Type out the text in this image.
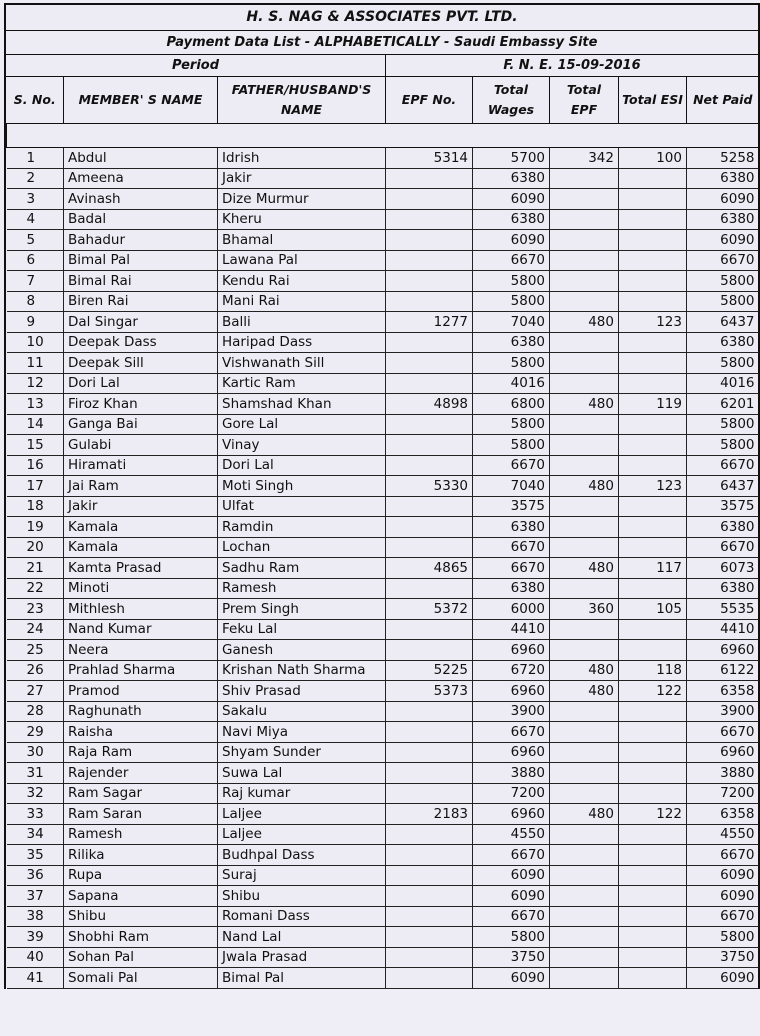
H. S. NAG & ASSOCIATES PVT. LTD.
Payment Data List - ALPHABETICALLY - Saudi Embassy Site
Period	F. N. E. 15-09-2016
S. No.	MEMBER' S NAME	FATHER/HUSBAND'S NAME	EPF No.	Total Wages	Total EPF	Total ESI	Net Paid

1	Abdul	Idrish	5314	5700	342	100	5258
2	Ameena	Jakir		6380			6380
3	Avinash	Dize Murmur		6090			6090
4	Badal	Kheru		6380			6380
5	Bahadur	Bhamal		6090			6090
6	Bimal Pal	Lawana Pal		6670			6670
7	Bimal Rai	Kendu Rai		5800			5800
8	Biren Rai	Mani Rai		5800			5800
9	Dal Singar	Balli	1277	7040	480	123	6437
10	Deepak Dass	Haripad Dass		6380			6380
11	Deepak Sill	Vishwanath Sill		5800			5800
12	Dori Lal	Kartic Ram		4016			4016
13	Firoz Khan	Shamshad Khan	4898	6800	480	119	6201
14	Ganga Bai	Gore Lal		5800			5800
15	Gulabi	Vinay		5800			5800
16	Hiramati	Dori Lal		6670			6670
17	Jai Ram	Moti Singh	5330	7040	480	123	6437
18	Jakir	Ulfat		3575			3575
19	Kamala	Ramdin		6380			6380
20	Kamala	Lochan		6670			6670
21	Kamta Prasad	Sadhu Ram	4865	6670	480	117	6073
22	Minoti	Ramesh		6380			6380
23	Mithlesh	Prem Singh	5372	6000	360	105	5535
24	Nand Kumar	Feku Lal		4410			4410
25	Neera	Ganesh		6960			6960
26	Prahlad Sharma	Krishan Nath Sharma	5225	6720	480	118	6122
27	Pramod	Shiv Prasad	5373	6960	480	122	6358
28	Raghunath	Sakalu		3900			3900
29	Raisha	Navi Miya		6670			6670
30	Raja Ram	Shyam Sunder		6960			6960
31	Rajender	Suwa Lal		3880			3880
32	Ram Sagar	Raj kumar		7200			7200
33	Ram Saran	Laljee	2183	6960	480	122	6358
34	Ramesh	Laljee		4550			4550
35	Rilika	Budhpal Dass		6670			6670
36	Rupa	Suraj		6090			6090
37	Sapana	Shibu		6090			6090
38	Shibu	Romani Dass		6670			6670
39	Shobhi Ram	Nand Lal		5800			5800
40	Sohan Pal	Jwala Prasad		3750			3750
41	Somali Pal	Bimal Pal		6090			6090
